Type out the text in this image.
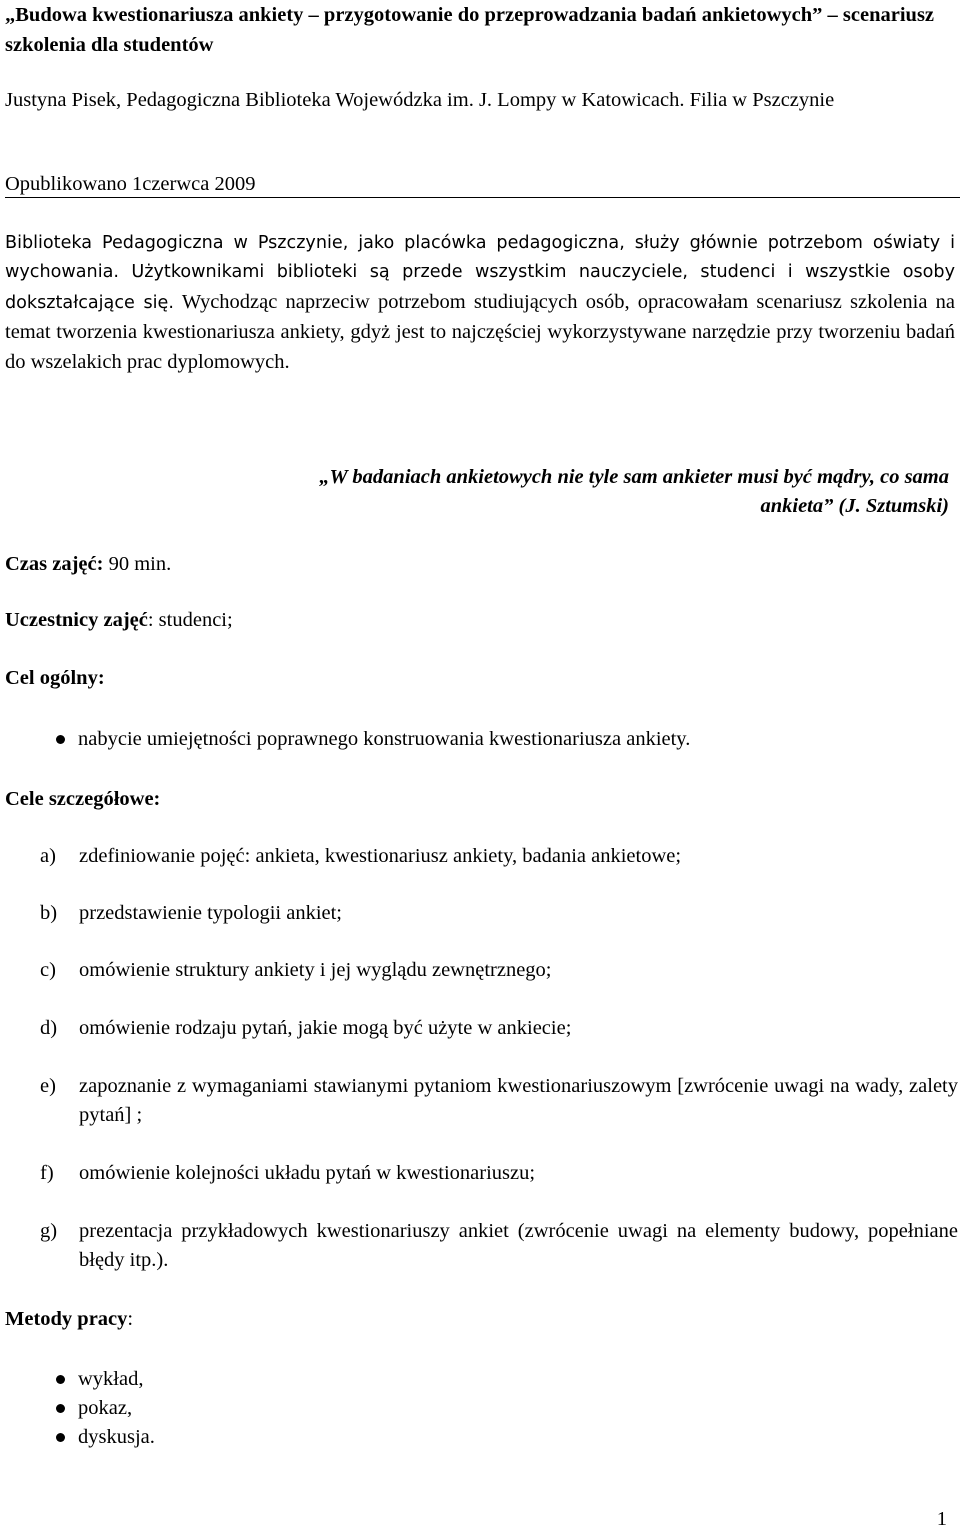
„Budowa kwestionariusza ankiety – przygotowanie do przeprowadzania badań ankietowych” – scenariusz szkolenia dla studentów

Justyna Pisek, Pedagogiczna Biblioteka Wojewódzka im. J. Lompy w Katowicach. Filia w Pszczynie

Opublikowano 1czerwca 2009

Biblioteka Pedagogiczna w Pszczynie, jako placówka pedagogiczna, służy głównie potrzebom oświaty i wychowania. Użytkownikami biblioteki są przede wszystkim nauczyciele, studenci i wszystkie osoby dokształcające się. Wychodząc naprzeciw potrzebom studiujących osób, opracowałam scenariusz szkolenia na temat tworzenia kwestionariusza ankiety, gdyż jest to najczęściej wykorzystywane narzędzie przy tworzeniu badań do wszelakich prac dyplomowych.

„W badaniach ankietowych nie tyle sam ankieter musi być mądry, co sama ankieta” (J. Sztumski)

Czas zajęć: 90 min.

Uczestnicy zajęć: studenci;

Cel ogólny:

nabycie umiejętności poprawnego konstruowania kwestionariusza ankiety.

Cele szczegółowe:

a)	zdefiniowanie pojęć: ankieta, kwestionariusz ankiety, badania ankietowe;
b)	przedstawienie typologii ankiet;
c)	omówienie struktury ankiety i jej wyglądu zewnętrznego;
d)	omówienie rodzaju pytań, jakie mogą być użyte w ankiecie;
e)	zapoznanie z wymaganiami stawianymi pytaniom kwestionariuszowym [zwrócenie uwagi na wady, zalety pytań] ;
f)	omówienie kolejności układu pytań w kwestionariuszu;
g)	prezentacja przykładowych kwestionariuszy ankiet (zwrócenie uwagi na elementy budowy, popełniane błędy itp.).

Metody pracy:

wykład,
pokaz,
dyskusja.

1
